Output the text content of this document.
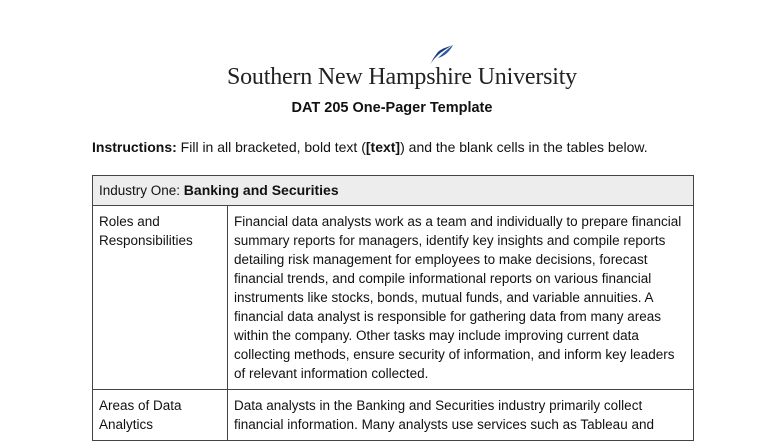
Southern New Hampshire University
DAT 205 One-Pager Template
Instructions: Fill in all bracketed, bold text ([text]) and the blank cells in the tables below.
Industry One: Banking and Securities	

Roles and
Responsibilities	Financial data analysts work as a team and individually to prepare financial summary reports for managers, identify key insights and compile reports detailing risk management for employees to make decisions, forecast financial trends, and compile informational reports on various financial instruments like stocks, bonds, mutual funds, and variable annuities. A financial data analyst is responsible for gathering data from many areas within the company. Other tasks may include improving current data collecting methods, ensure security of information, and inform key leaders of relevant information collected.

Areas of Data
Analytics	Data analysts in the Banking and Securities industry primarily collect financial information. Many analysts use services such as Tableau and
